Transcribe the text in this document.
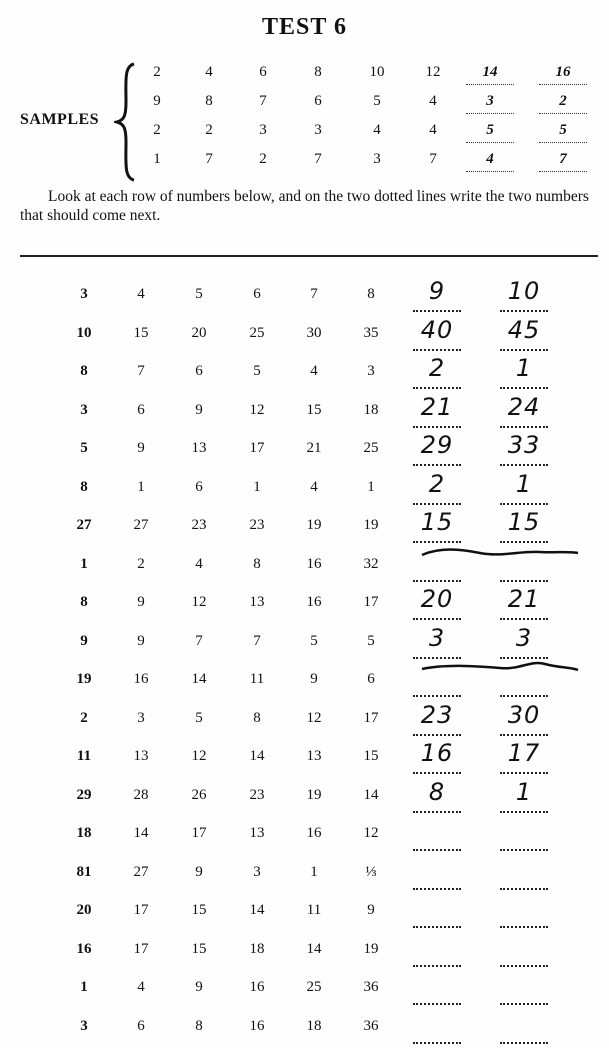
TEST 6
SAMPLES
2	4	6	8	10	12	14	16
9	8	7	6	5	4	3	2
2	2	3	3	4	4	5	5
1	7	2	7	3	7	4	7
Look at each row of numbers below, and on the two dotted lines write the two numbers that should come next.
3	4	5	6	7	8	9	10
10	15	20	25	30	35	40	45
8	7	6	5	4	3	2	1
3	6	9	12	15	18	21	24
5	9	13	17	21	25	29	33
8	1	6	1	4	1	2	1
27	27	23	23	19	19	15	15
1	2	4	8	16	32
8	9	12	13	16	17	20	21
9	9	7	7	5	5	3	3
19	16	14	11	9	6
2	3	5	8	12	17	23	30
11	13	12	14	13	15	16	17
29	28	26	23	19	14	8	1
18	14	17	13	16	12
81	27	9	3	1	⅓
20	17	15	14	11	9
16	17	15	18	14	19
1	4	9	16	25	36
3	6	8	16	18	36
